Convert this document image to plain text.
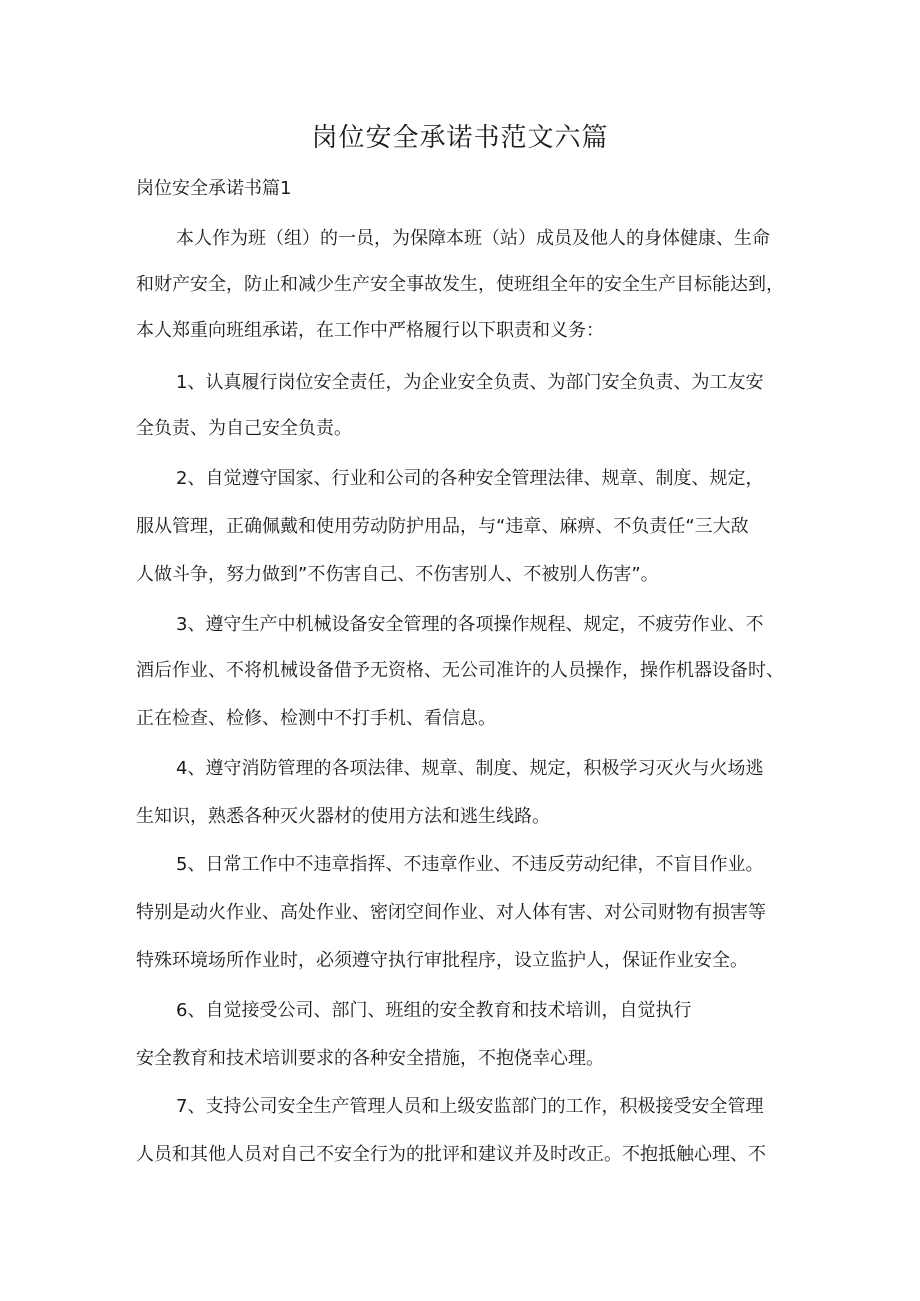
岗位安全承诺书范文六篇
岗位安全承诺书篇1
本人作为班（组）的一员，为保障本班（站）成员及他人的身体健康、生命
和财产安全，防止和减少生产安全事故发生，使班组全年的安全生产目标能达到，
本人郑重向班组承诺，在工作中严格履行以下职责和义务：
1、认真履行岗位安全责任，为企业安全负责、为部门安全负责、为工友安
全负责、为自己安全负责。
2、自觉遵守国家、行业和公司的各种安全管理法律、规章、制度、规定，
服从管理，正确佩戴和使用劳动防护用品，与“违章、麻痹、不负责任“三大敌
人做斗争，努力做到”不伤害自己、不伤害别人、不被别人伤害”。
3、遵守生产中机械设备安全管理的各项操作规程、规定，不疲劳作业、不
酒后作业、不将机械设备借予无资格、无公司准许的人员操作，操作机器设备时、
正在检查、检修、检测中不打手机、看信息。
4、遵守消防管理的各项法律、规章、制度、规定，积极学习灭火与火场逃
生知识，熟悉各种灭火器材的使用方法和逃生线路。
5、日常工作中不违章指挥、不违章作业、不违反劳动纪律，不盲目作业。
特别是动火作业、高处作业、密闭空间作业、对人体有害、对公司财物有损害等
特殊环境场所作业时，必须遵守执行审批程序，设立监护人，保证作业安全。
6、自觉接受公司、部门、班组的安全教育和技术培训，自觉执行
安全教育和技术培训要求的各种安全措施，不抱侥幸心理。
7、支持公司安全生产管理人员和上级安监部门的工作，积极接受安全管理
人员和其他人员对自己不安全行为的批评和建议并及时改正。不抱抵触心理、不
